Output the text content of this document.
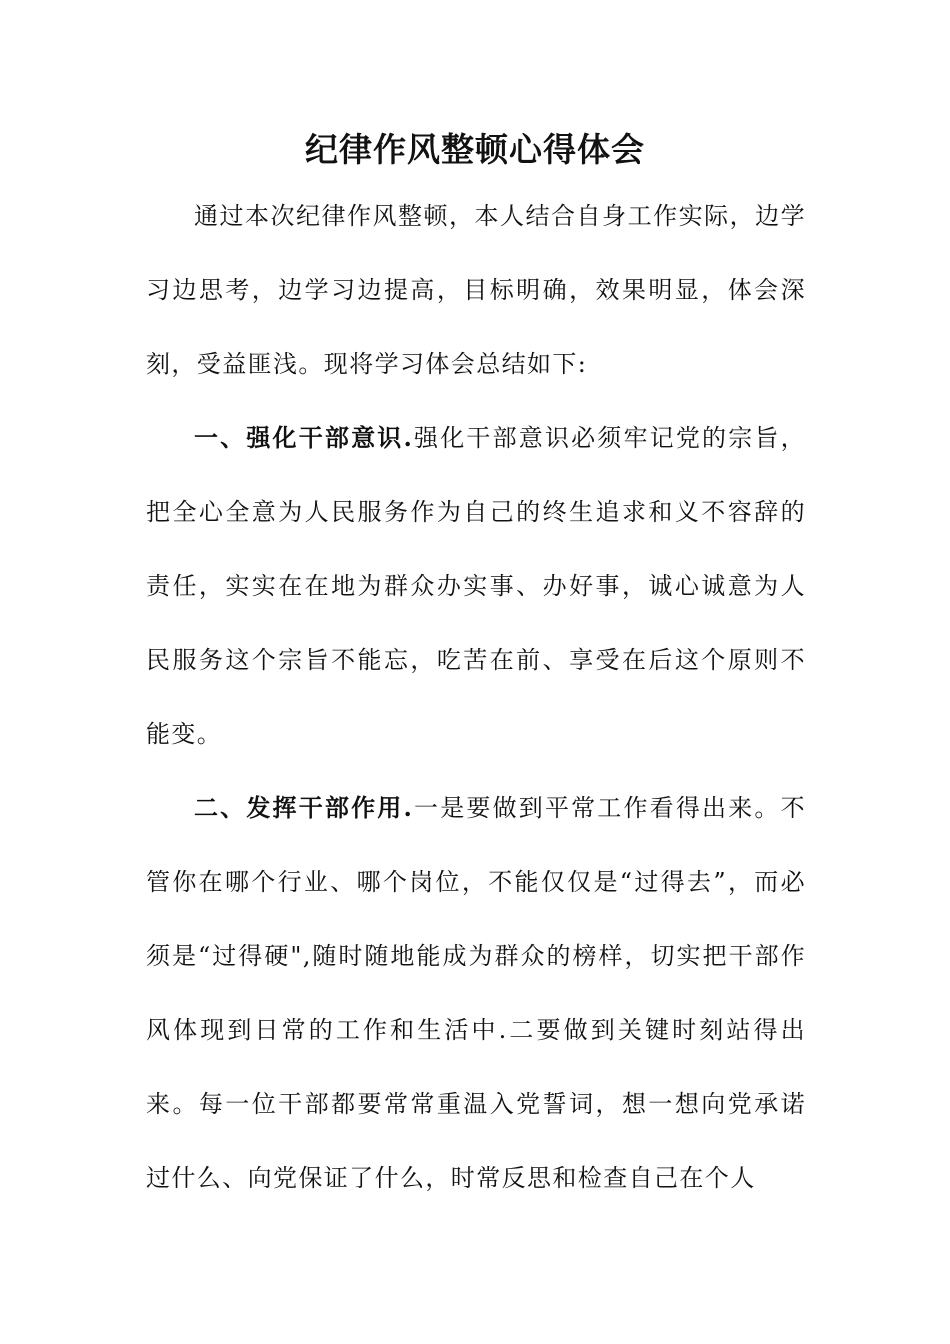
纪律作风整顿心得体会

通过本次纪律作风整顿，本人结合自身工作实际，边学习边思考，边学习边提高，目标明确，效果明显，体会深刻，受益匪浅。现将学习体会总结如下:

一、强化干部意识.强化干部意识必须牢记党的宗旨，把全心全意为人民服务作为自己的终生追求和义不容辞的责任，实实在在地为群众办实事、办好事，诚心诚意为人民服务这个宗旨不能忘，吃苦在前、享受在后这个原则不能变。

二、发挥干部作用.一是要做到平常工作看得出来。不管你在哪个行业、哪个岗位，不能仅仅是“过得去”，而必须是“过得硬",随时随地能成为群众的榜样，切实把干部作风体现到日常的工作和生活中.二要做到关键时刻站得出来。每一位干部都要常常重温入党誓词，想一想向党承诺过什么、向党保证了什么，时常反思和检查自己在个人
